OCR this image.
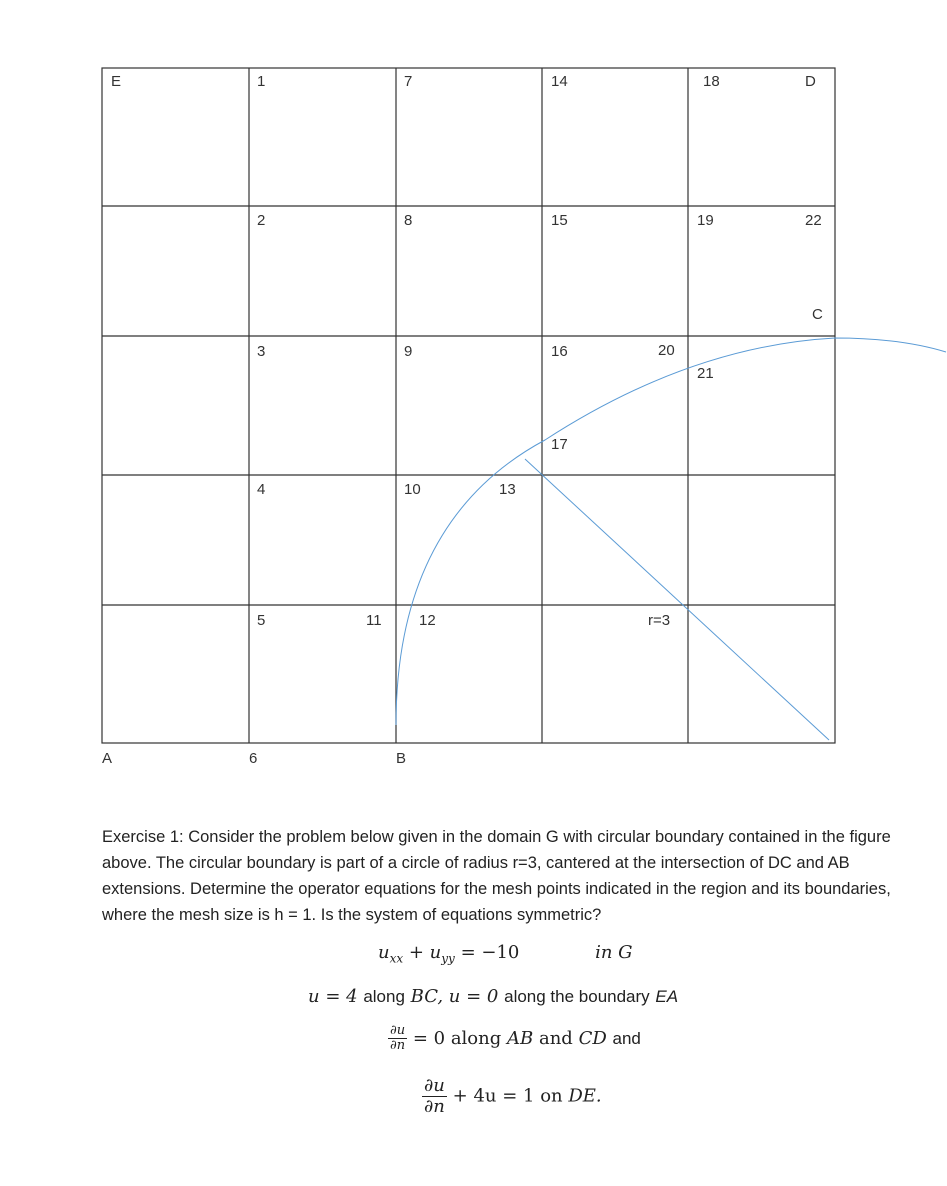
E	D
C
A	B
1
2
3
4
5
6
7
8
9
10
11 12
13
14
15
16
17
18
19
20
21
22
r=3

Exercise 1: Consider the problem below given in the domain G with circular boundary contained in the figure above. The circular boundary is part of a circle of radius r=3, cantered at the intersection of DC and AB extensions. Determine the operator equations for the mesh points indicated in the region and its boundaries, where the mesh size is h = 1. Is the system of equations symmetric?

$u_{xx} + u_{yy} = -10$	in G
u = 4 along BC, u = 0 along the boundary EA
$\frac{\partial u}{\partial n} = 0$ along AB and CD and
$\frac{\partial u}{\partial n} + 4u = 1$ on DE.
